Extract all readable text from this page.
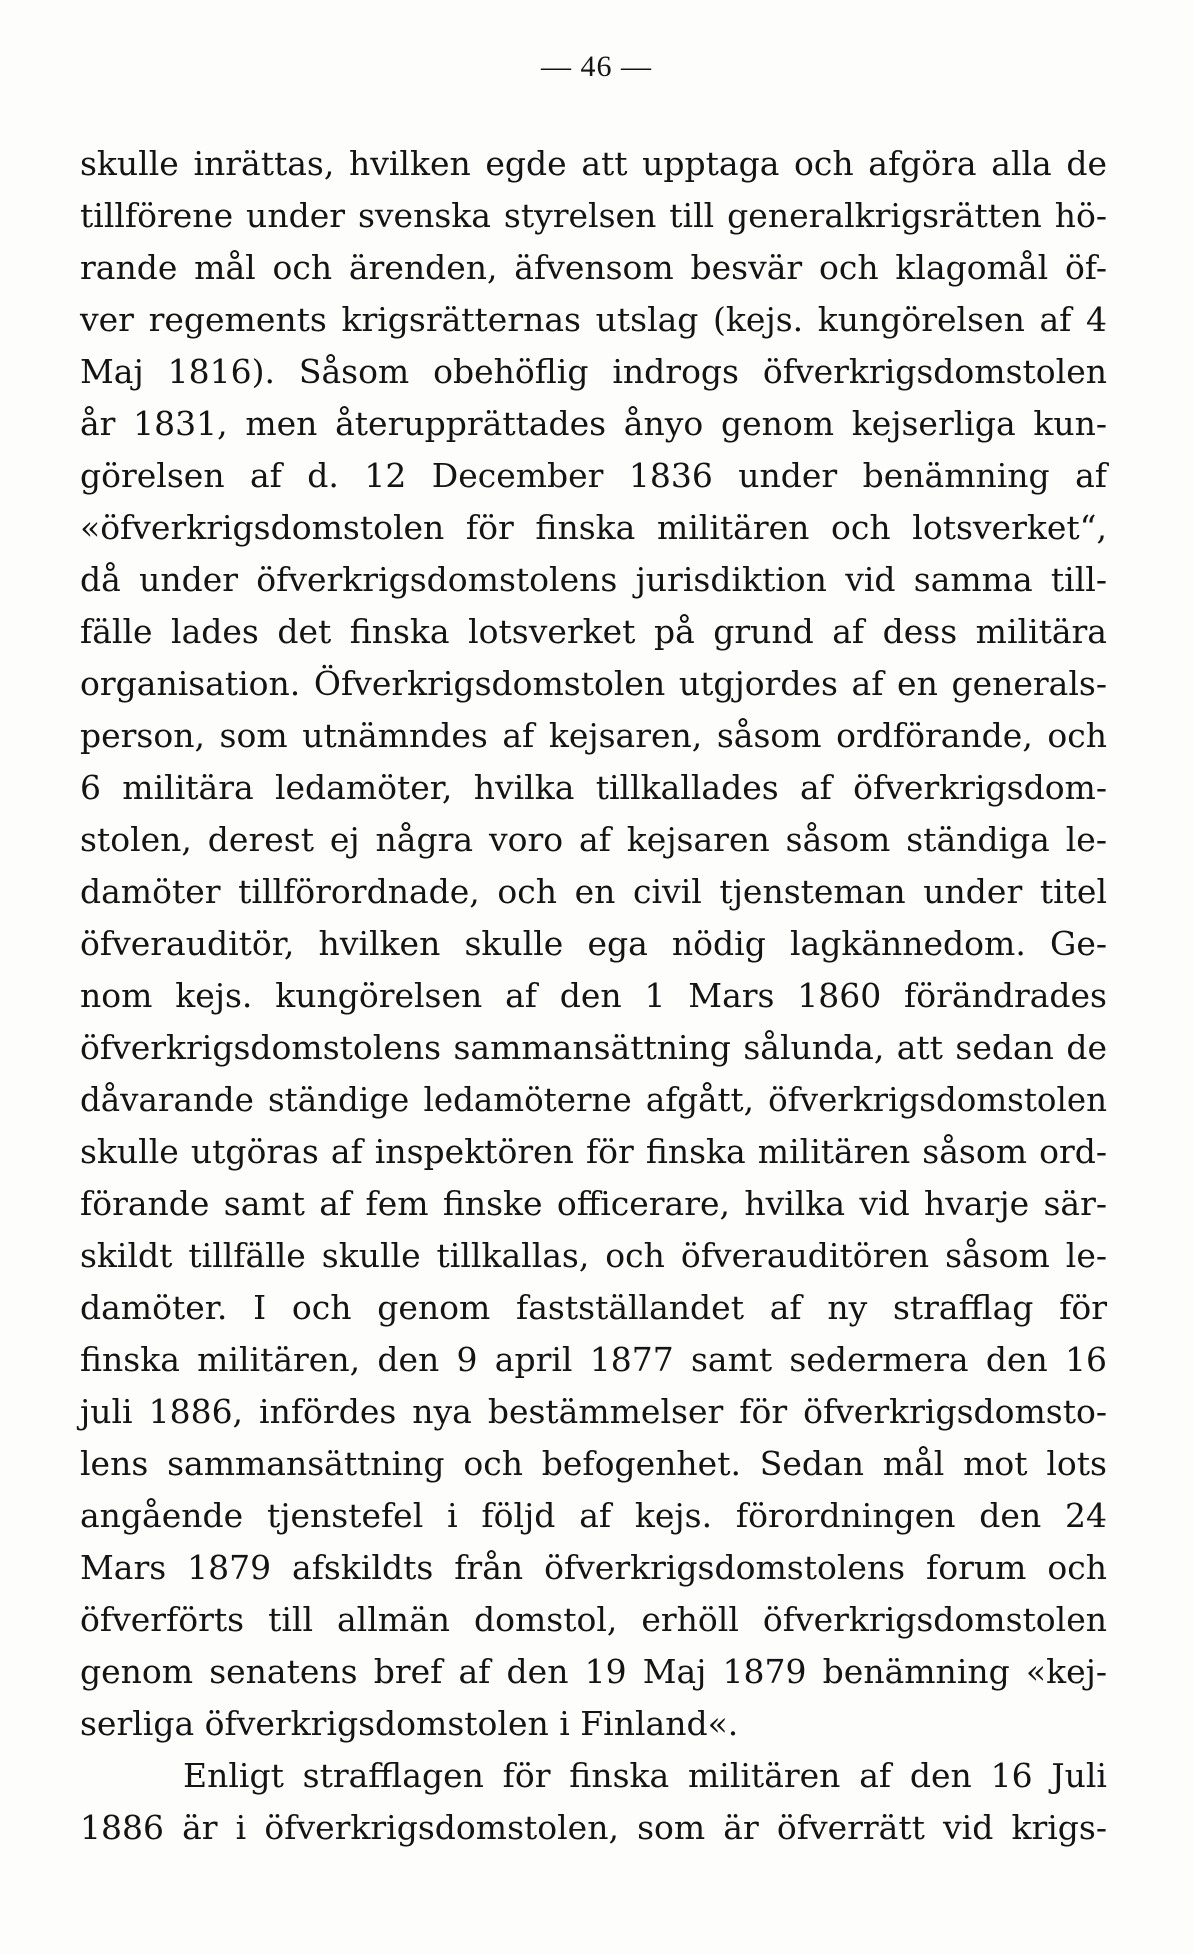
— 46 —
skulle inrättas, hvilken egde att upptaga och afgöra alla de
tillförene under svenska styrelsen till generalkrigsrätten hö-
rande mål och ärenden, äfvensom besvär och klagomål öf-
ver regements krigsrätternas utslag (kejs. kungörelsen af 4
Maj 1816). Såsom obehöflig indrogs öfverkrigsdomstolen
år 1831, men återupprättades ånyo genom kejserliga kun-
görelsen af d. 12 December 1836 under benämning af
«öfverkrigsdomstolen för finska militären och lotsverket“,
då under öfverkrigsdomstolens jurisdiktion vid samma till-
fälle lades det finska lotsverket på grund af dess militära
organisation. Öfverkrigsdomstolen utgjordes af en generals-
person, som utnämndes af kejsaren, såsom ordförande, och
6 militära ledamöter, hvilka tillkallades af öfverkrigsdom-
stolen, derest ej några voro af kejsaren såsom ständiga le-
damöter tillförordnade, och en civil tjensteman under titel
öfverauditör, hvilken skulle ega nödig lagkännedom. Ge-
nom kejs. kungörelsen af den 1 Mars 1860 förändrades
öfverkrigsdomstolens sammansättning sålunda, att sedan de
dåvarande ständige ledamöterne afgått, öfverkrigsdomstolen
skulle utgöras af inspektören för finska militären såsom ord-
förande samt af fem finske officerare, hvilka vid hvarje sär-
skildt tillfälle skulle tillkallas, och öfverauditören såsom le-
damöter. I och genom fastställandet af ny strafflag för
finska militären, den 9 april 1877 samt sedermera den 16
juli 1886, infördes nya bestämmelser för öfverkrigsdomsto-
lens sammansättning och befogenhet. Sedan mål mot lots
angående tjenstefel i följd af kejs. förordningen den 24
Mars 1879 afskildts från öfverkrigsdomstolens forum och
öfverförts till allmän domstol, erhöll öfverkrigsdomstolen
genom senatens bref af den 19 Maj 1879 benämning «kej-
serliga öfverkrigsdomstolen i Finland«.
Enligt strafflagen för finska militären af den 16 Juli
1886 är i öfverkrigsdomstolen, som är öfverrätt vid krigs-
